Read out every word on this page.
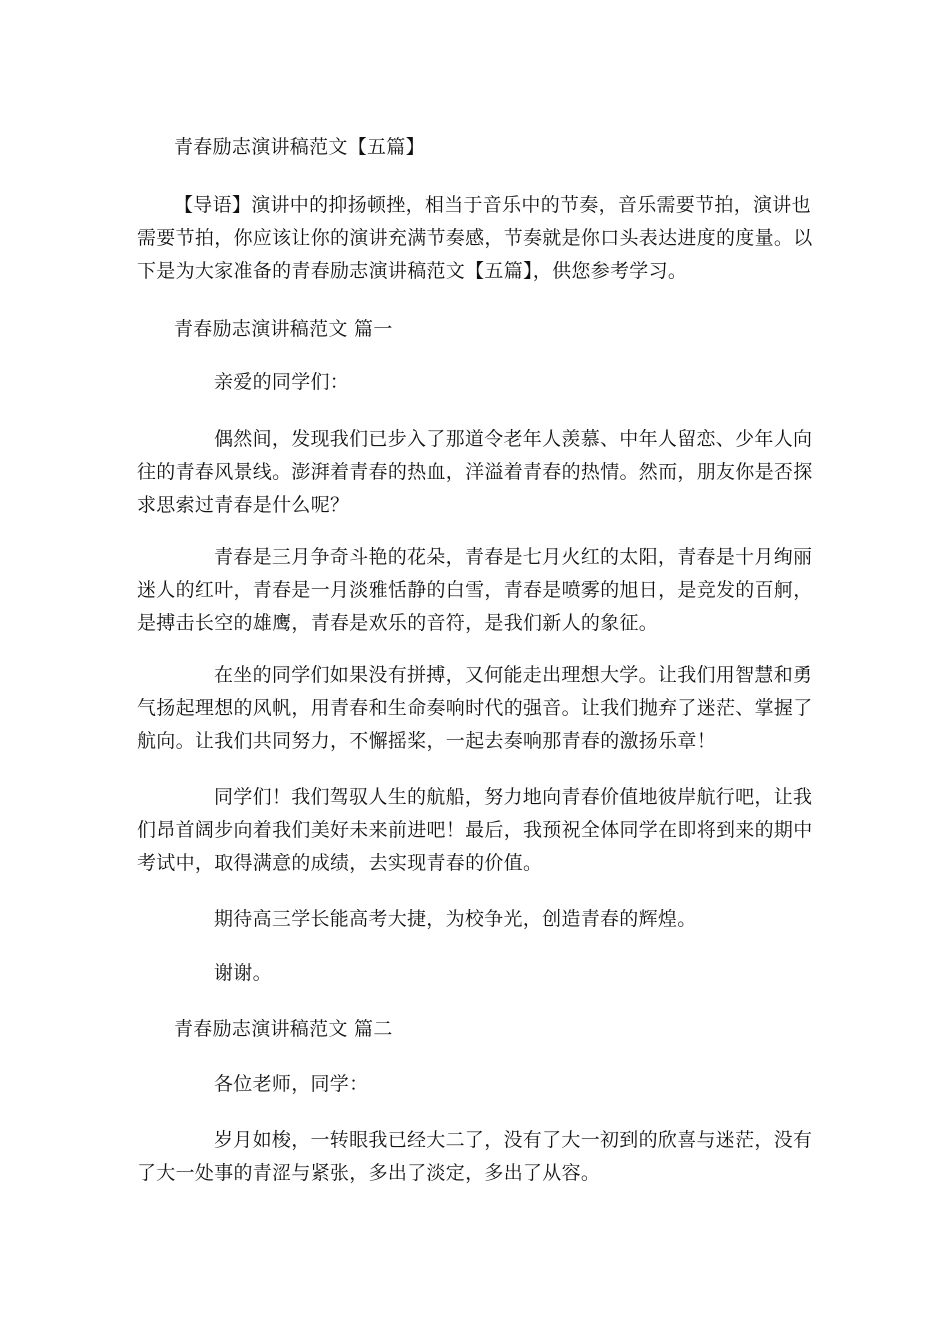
青春励志演讲稿范文【五篇】
【导语】演讲中的抑扬顿挫，相当于音乐中的节奏，音乐需要节拍，演讲也
需要节拍，你应该让你的演讲充满节奏感，节奏就是你口头表达进度的度量。以
下是为大家准备的青春励志演讲稿范文【五篇】，供您参考学习。
青春励志演讲稿范文 篇一
亲爱的同学们：
偶然间，发现我们已步入了那道令老年人羡慕、中年人留恋、少年人向
往的青春风景线。澎湃着青春的热血，洋溢着青春的热情。然而，朋友你是否探
求思索过青春是什么呢？
青春是三月争奇斗艳的花朵，青春是七月火红的太阳，青春是十月绚丽
迷人的红叶，青春是一月淡雅恬静的白雪，青春是喷雾的旭日，是竞发的百舸，
是搏击长空的雄鹰，青春是欢乐的音符，是我们新人的象征。
在坐的同学们如果没有拼搏，又何能走出理想大学。让我们用智慧和勇
气扬起理想的风帆，用青春和生命奏响时代的强音。让我们抛弃了迷茫、掌握了
航向。让我们共同努力，不懈摇桨，一起去奏响那青春的激扬乐章！
同学们！我们驾驭人生的航船，努力地向青春价值地彼岸航行吧，让我
们昂首阔步向着我们美好未来前进吧！最后，我预祝全体同学在即将到来的期中
考试中，取得满意的成绩，去实现青春的价值。
期待高三学长能高考大捷，为校争光，创造青春的辉煌。
谢谢。
青春励志演讲稿范文 篇二
各位老师，同学：
岁月如梭，一转眼我已经大二了，没有了大一初到的欣喜与迷茫，没有
了大一处事的青涩与紧张，多出了淡定，多出了从容。
